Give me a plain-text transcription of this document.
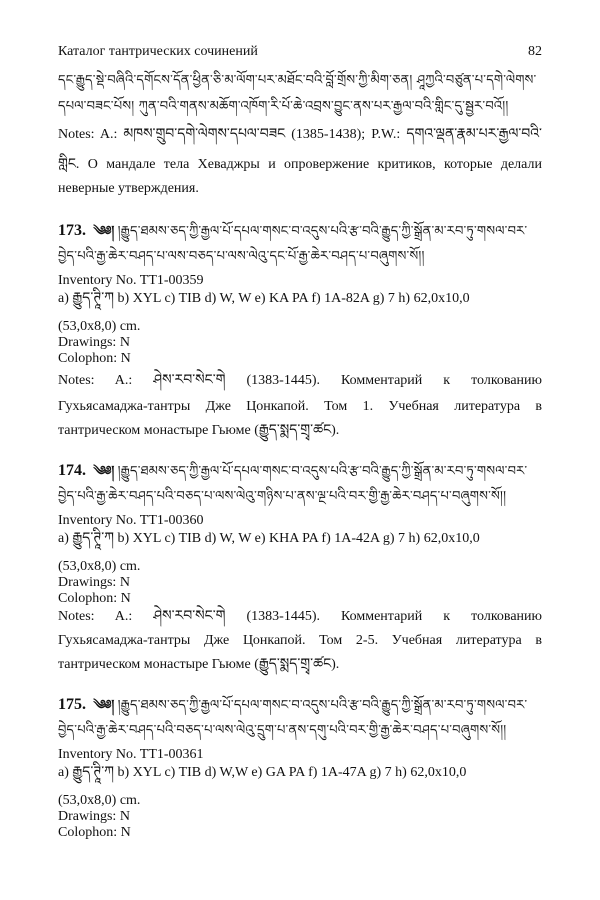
Каталог тантрических сочинений	82
དང་རྒྱུད་སྡེ་བཞིའི་དགོངས་དོན་ཕྱིན་ཅི་མ་ལོག་པར་མཐོང་བའི་བློ་གྲོས་ཀྱི་མིག་ཅན། ཤཱཀྱའི་བཙུན་པ་དགེ་ལེགས་
དཔལ་བཟང་པོས། ཀུན་བའི་གནས་མཆོག་འཁོག་རི་པོ་ཆེ་འབྲས་བྱུང་ནས་པར་རྒྱལ་བའི་གླིང་དུ་སྦྱར་བའོ།།
Notes: A.: མཁས་གྲུབ་དགེ་ལེགས་དཔལ་བཟང (1385-1438); P.W.: དགའ་ལྡན་རྣམ་པར་རྒྱལ་བའི་
གླིང. О мандале тела Хеваджры и опровержение критиков, которые делали
неверные утверждения.
173. ༄༅། །རྒྱུད་ཐམས་ཅད་ཀྱི་རྒྱལ་པོ་དཔལ་གསང་བ་འདུས་པའི་རྩ་བའི་རྒྱུད་ཀྱི་སྒྲོན་མ་རབ་ཏུ་གསལ་བར་
བྱེད་པའི་རྒྱ་ཆེར་བཤད་པ་ལས་བཅད་པ་ལས་ལེའུ་དང་པོ་རྒྱ་ཆེར་བཤད་པ་བཞུགས་སོ།།
Inventory No. TT1-00359
a) རྒྱུད་ཊཱི་ཀ b) XYL c) TIB d) W, W e) KA PA f) 1A-82A g) 7 h) 62,0x10,0
(53,0x8,0) cm.
Drawings: N
Colophon: N
Notes: A.: ཤེས་རབ་སེང་གེ (1383-1445). Комментарий к толкованию
Гухьясамаджа-тантры Дже Цонкапой. Том 1. Учебная литература в
тантрическом монастыре Гьюме (རྒྱུད་སྨད་གྲྭ་ཚང).
174. ༄༅། །རྒྱུད་ཐམས་ཅད་ཀྱི་རྒྱལ་པོ་དཔལ་གསང་བ་འདུས་པའི་རྩ་བའི་རྒྱུད་ཀྱི་སྒྲོན་མ་རབ་ཏུ་གསལ་བར་
བྱེད་པའི་རྒྱ་ཆེར་བཤད་པའི་བཅད་པ་ལས་ལེའུ་གཉིས་པ་ནས་ལྔ་པའི་བར་གྱི་རྒྱ་ཆེར་བཤད་པ་བཞུགས་སོ།།
Inventory No. TT1-00360
a) རྒྱུད་ཊཱི་ཀ b) XYL c) TIB d) W, W e) KHA PA f) 1A-42A g) 7 h) 62,0x10,0
(53,0x8,0) cm.
Drawings: N
Colophon: N
Notes: A.: ཤེས་རབ་སེང་གེ (1383-1445). Комментарий к толкованию
Гухьясамаджа-тантры Дже Цонкапой. Том 2-5. Учебная литература в
тантрическом монастыре Гьюме (རྒྱུད་སྨད་གྲྭ་ཚང).
175. ༄༅། །རྒྱུད་ཐམས་ཅད་ཀྱི་རྒྱལ་པོ་དཔལ་གསང་བ་འདུས་པའི་རྩ་བའི་རྒྱུད་ཀྱི་སྒྲོན་མ་རབ་ཏུ་གསལ་བར་
བྱེད་པའི་རྒྱ་ཆེར་བཤད་པའི་བཅད་པ་ལས་ལེའུ་དྲུག་པ་ནས་དགུ་པའི་བར་གྱི་རྒྱ་ཆེར་བཤད་པ་བཞུགས་སོ།།
Inventory No. TT1-00361
a) རྒྱུད་ཊཱི་ཀ b) XYL c) TIB d) W,W e) GA PA f) 1A-47A g) 7 h) 62,0x10,0
(53,0x8,0) cm.
Drawings: N
Colophon: N
